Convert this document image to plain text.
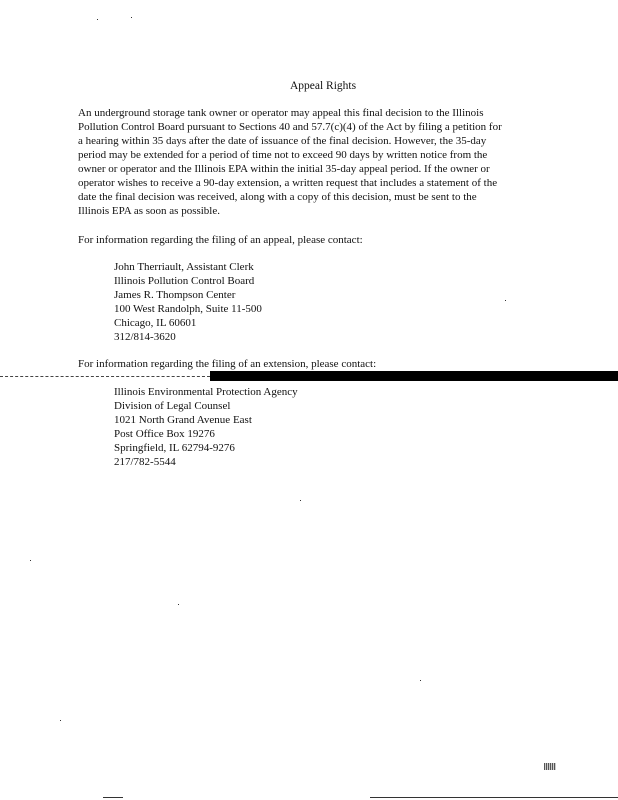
Appeal Rights
An underground storage tank owner or operator may appeal this final decision to the Illinois
Pollution Control Board pursuant to Sections 40 and 57.7(c)(4) of the Act by filing a petition for
a hearing within 35 days after the date of issuance of the final decision. However, the 35-day
period may be extended for a period of time not to exceed 90 days by written notice from the
owner or operator and the Illinois EPA within the initial 35-day appeal period. If the owner or
operator wishes to receive a 90-day extension, a written request that includes a statement of the
date the final decision was received, along with a copy of this decision, must be sent to the
Illinois EPA as soon as possible.
For information regarding the filing of an appeal, please contact:
John Therriault, Assistant Clerk
Illinois Pollution Control Board
James R. Thompson Center
100 West Randolph, Suite 11-500
Chicago, IL 60601
312/814-3620
For information regarding the filing of an extension, please contact:
Illinois Environmental Protection Agency
Division of Legal Counsel
1021 North Grand Avenue East
Post Office Box 19276
Springfield, IL 62794-9276
217/782-5544
